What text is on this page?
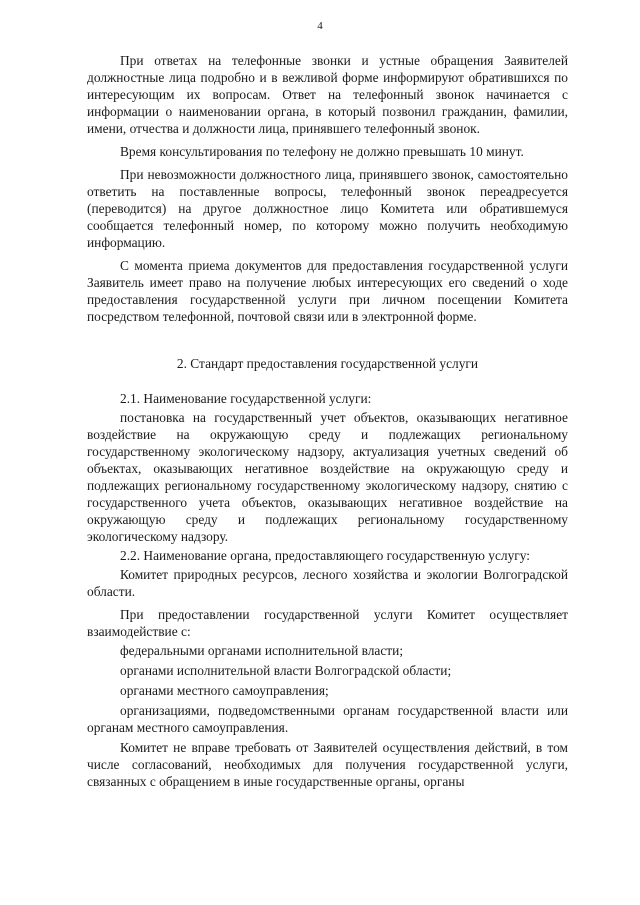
4

При ответах на телефонные звонки и устные обращения Заявителей должностные лица подробно и в вежливой форме информируют обратившихся по интересующим их вопросам. Ответ на телефонный звонок начинается с информации о наименовании органа, в который позвонил гражданин, фамилии, имени, отчества и должности лица, принявшего телефонный звонок.

Время консультирования по телефону не должно превышать 10 минут.

При невозможности должностного лица, принявшего звонок, самостоятельно ответить на поставленные вопросы, телефонный звонок переадресуется (переводится) на другое должностное лицо Комитета или обратившемуся сообщается телефонный номер, по которому можно получить необходимую информацию.

С момента приема документов для предоставления государственной услуги Заявитель имеет право на получение любых интересующих его сведений о ходе предоставления государственной услуги при личном посещении Комитета посредством телефонной, почтовой связи или в электронной форме.

2. Стандарт предоставления государственной услуги

2.1. Наименование государственной услуги:

постановка на государственный учет объектов, оказывающих негативное воздействие на окружающую среду и подлежащих региональному государственному экологическому надзору, актуализация учетных сведений об объектах, оказывающих негативное воздействие на окружающую среду и подлежащих региональному государственному экологическому надзору, снятию с государственного учета объектов, оказывающих негативное воздействие на окружающую среду и подлежащих региональному государственному экологическому надзору.

2.2. Наименование органа, предоставляющего государственную услугу:

Комитет природных ресурсов, лесного хозяйства и экологии Волгоградской области.

При предоставлении государственной услуги Комитет осуществляет взаимодействие с:

федеральными органами исполнительной власти;

органами исполнительной власти Волгоградской области;

органами местного самоуправления;

организациями, подведомственными органам государственной власти или органам местного самоуправления.

Комитет не вправе требовать от Заявителей осуществления действий, в том числе согласований, необходимых для получения государственной услуги, связанных с обращением в иные государственные органы, органы
